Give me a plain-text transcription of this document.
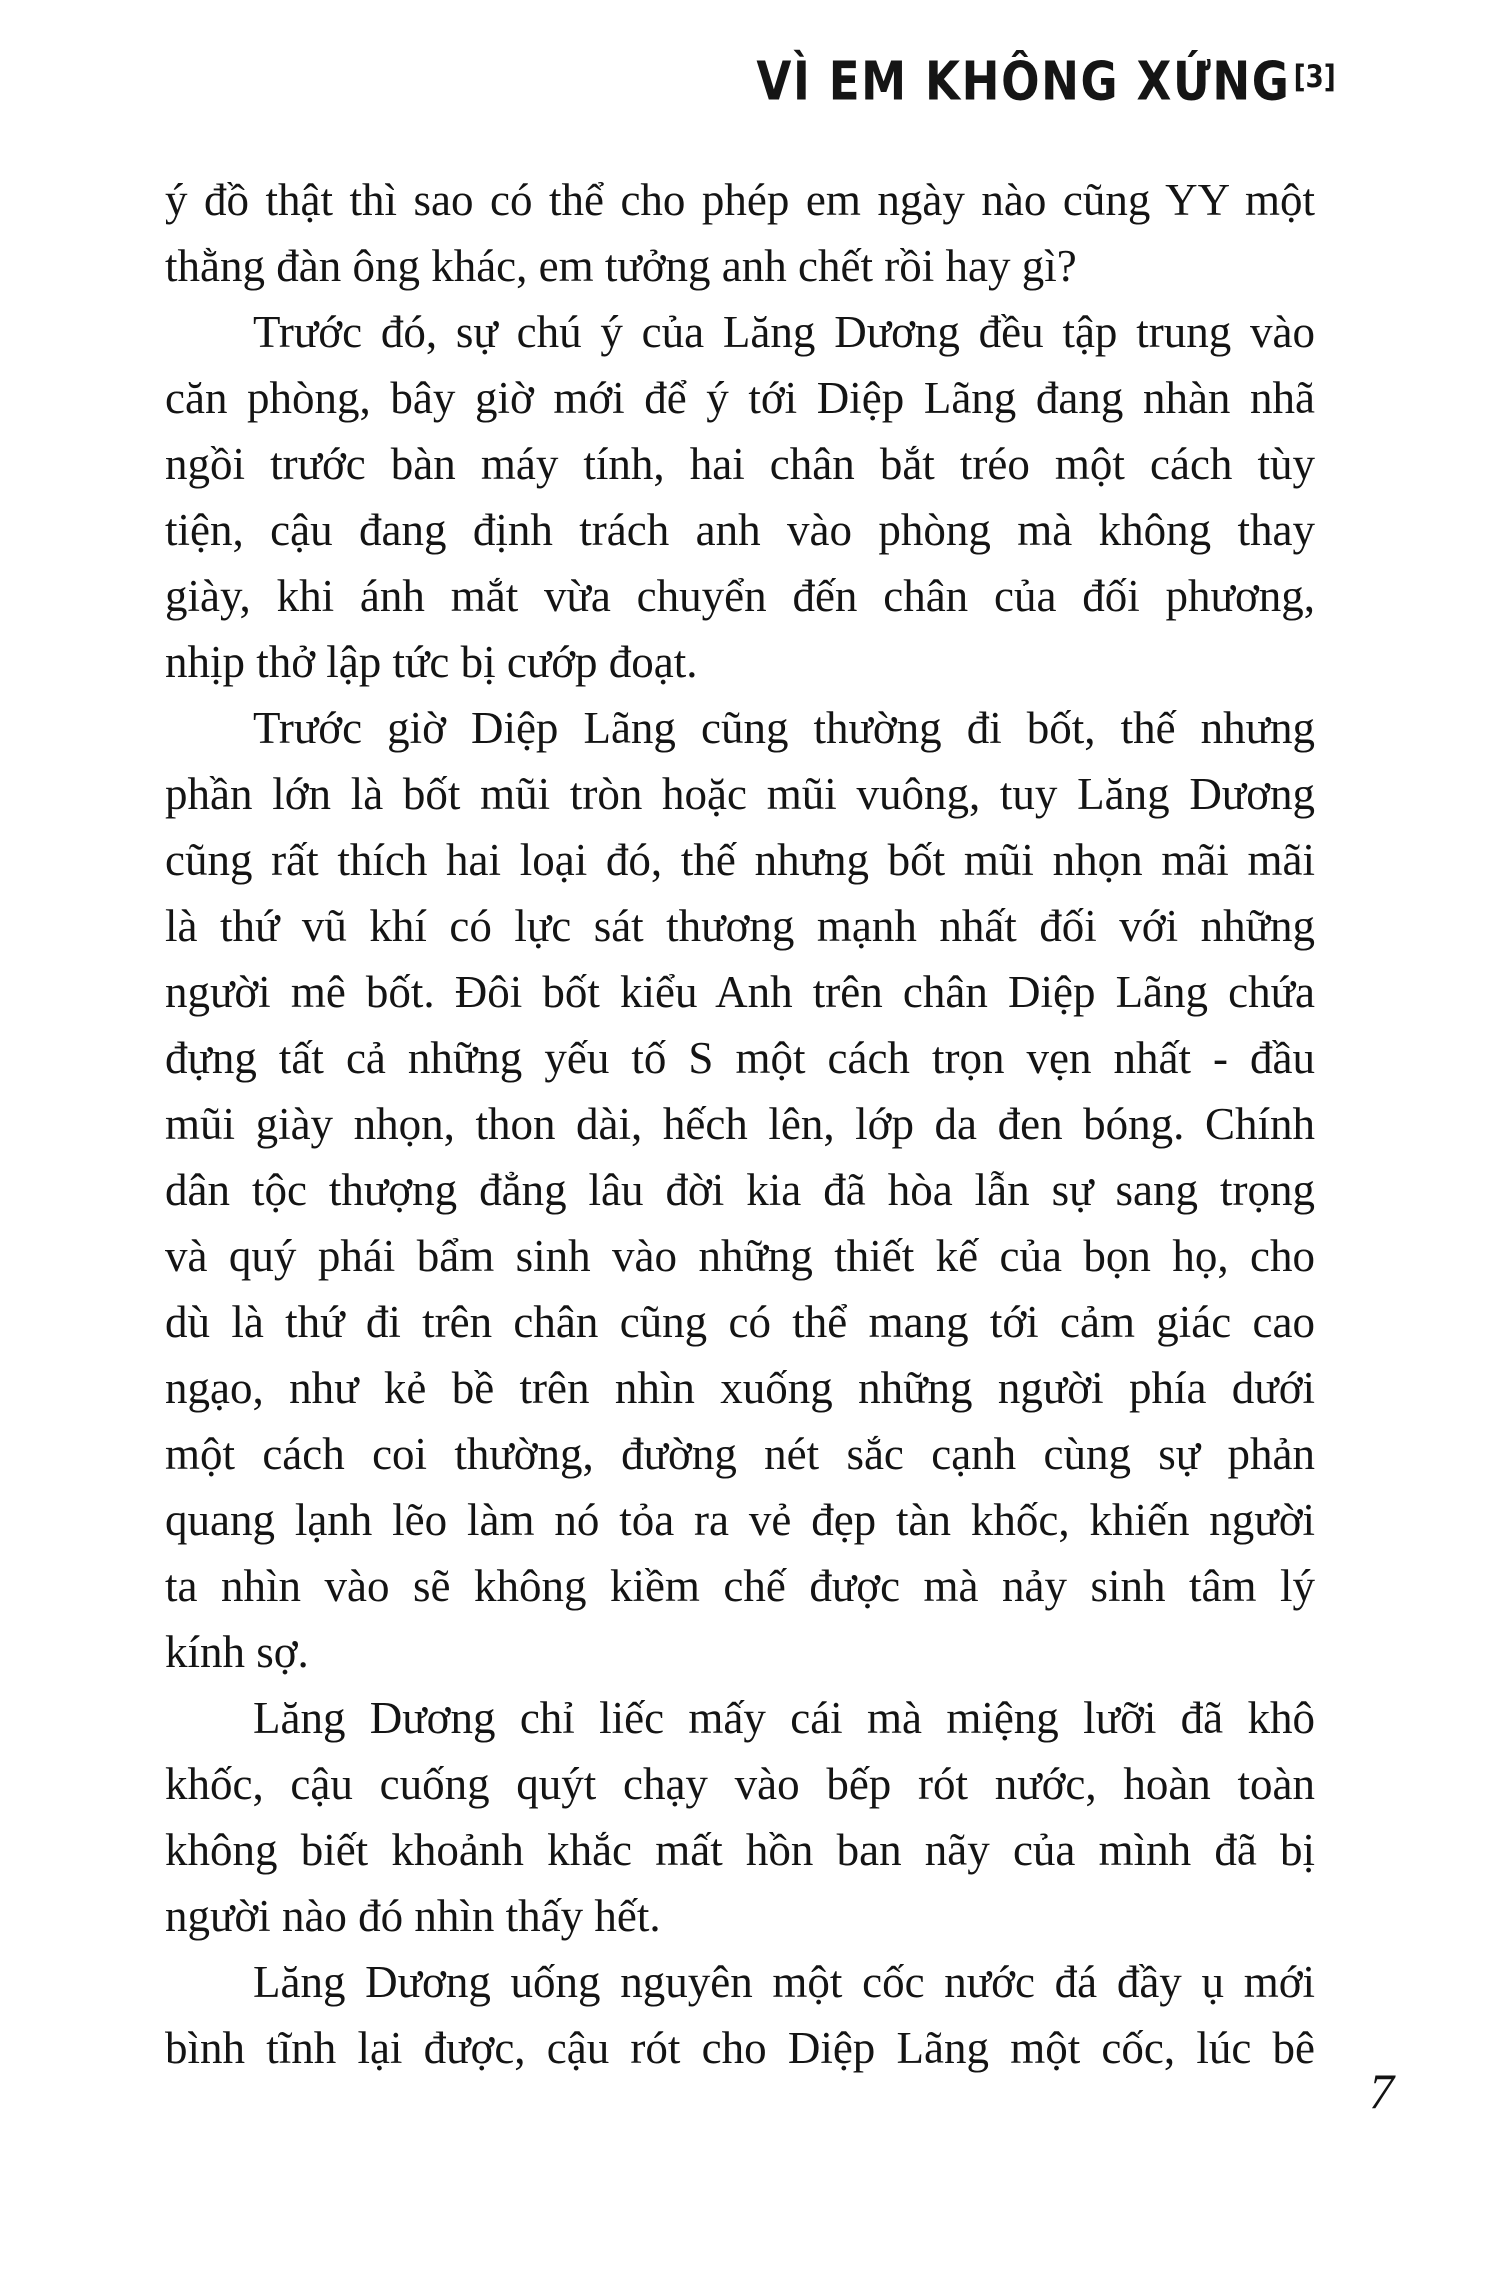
VÌ EM KHÔNG XỨNG[3]
ý đồ thật thì sao có thể cho phép em ngày nào cũng YY một
thằng đàn ông khác, em tưởng anh chết rồi hay gì?
Trước đó, sự chú ý của Lăng Dương đều tập trung vào
căn phòng, bây giờ mới để ý tới Diệp Lãng đang nhàn nhã
ngồi trước bàn máy tính, hai chân bắt tréo một cách tùy
tiện, cậu đang định trách anh vào phòng mà không thay
giày, khi ánh mắt vừa chuyển đến chân của đối phương,
nhịp thở lập tức bị cướp đoạt.
Trước giờ Diệp Lãng cũng thường đi bốt, thế nhưng
phần lớn là bốt mũi tròn hoặc mũi vuông, tuy Lăng Dương
cũng rất thích hai loại đó, thế nhưng bốt mũi nhọn mãi mãi
là thứ vũ khí có lực sát thương mạnh nhất đối với những
người mê bốt. Đôi bốt kiểu Anh trên chân Diệp Lãng chứa
đựng tất cả những yếu tố S một cách trọn vẹn nhất - đầu
mũi giày nhọn, thon dài, hếch lên, lớp da đen bóng. Chính
dân tộc thượng đẳng lâu đời kia đã hòa lẫn sự sang trọng
và quý phái bẩm sinh vào những thiết kế của bọn họ, cho
dù là thứ đi trên chân cũng có thể mang tới cảm giác cao
ngạo, như kẻ bề trên nhìn xuống những người phía dưới
một cách coi thường, đường nét sắc cạnh cùng sự phản
quang lạnh lẽo làm nó tỏa ra vẻ đẹp tàn khốc, khiến người
ta nhìn vào sẽ không kiềm chế được mà nảy sinh tâm lý
kính sợ.
Lăng Dương chỉ liếc mấy cái mà miệng lưỡi đã khô
khốc, cậu cuống quýt chạy vào bếp rót nước, hoàn toàn
không biết khoảnh khắc mất hồn ban nãy của mình đã bị
người nào đó nhìn thấy hết.
Lăng Dương uống nguyên một cốc nước đá đầy ụ mới
bình tĩnh lại được, cậu rót cho Diệp Lãng một cốc, lúc bê
7
